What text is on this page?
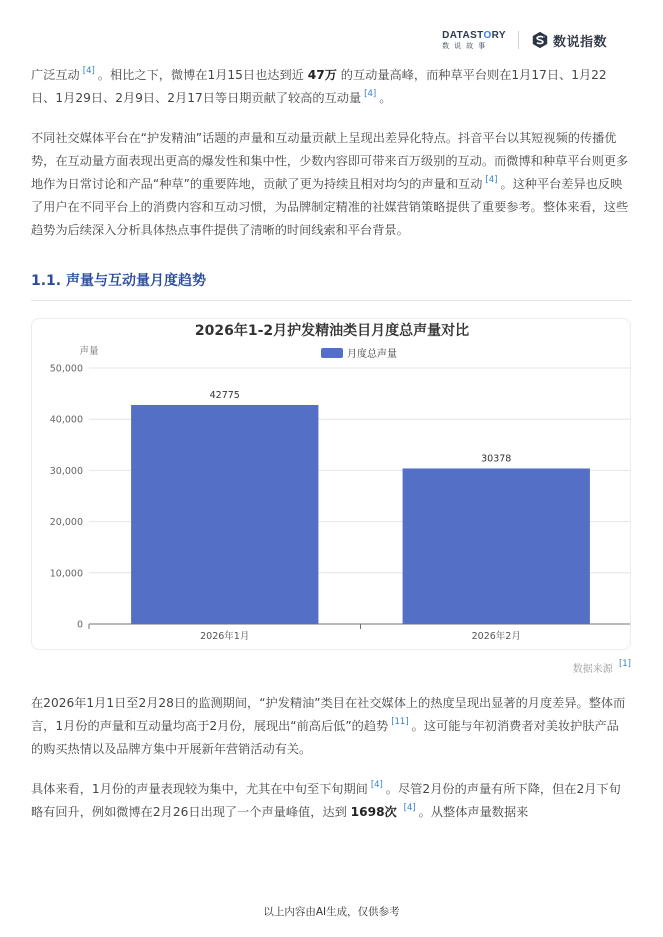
DATASTORY
数说故事	数说指数

广泛互动 [4] 。相比之下，微博在1月15日也达到近 47万 的互动量高峰，而种草平台则在1月17日、1月22日、1月29日、2月9日、2月17日等日期贡献了较高的互动量 [4] 。

不同社交媒体平台在“护发精油”话题的声量和互动量贡献上呈现出差异化特点。抖音平台以其短视频的传播优势，在互动量方面表现出更高的爆发性和集中性，少数内容即可带来百万级别的互动。而微博和种草平台则更多地作为日常讨论和产品“种草”的重要阵地，贡献了更为持续且相对均匀的声量和互动 [4] 。这种平台差异也反映了用户在不同平台上的消费内容和互动习惯，为品牌制定精准的社媒营销策略提供了重要参考。整体来看，这些趋势为后续深入分析具体热点事件提供了清晰的时间线索和平台背景。

1.1. 声量与互动量月度趋势
2026年1-2月护发精油类目月度总声量对比
月度总声量
声量
0
10,000
20,000
30,000
40,000
50,000
42775
30378
2026年1月	2026年2月
数据来源 [1]

在2026年1月1日至2月28日的监测期间，“护发精油”类目在社交媒体上的热度呈现出显著的月度差异。整体而言，1月份的声量和互动量均高于2月份，展现出“前高后低”的趋势 [11] 。这可能与年初消费者对美妆护肤产品的购买热情以及品牌方集中开展新年营销活动有关。

具体来看，1月份的声量表现较为集中，尤其在中旬至下旬期间 [4] 。尽管2月份的声量有所下降，但在2月下旬略有回升，例如微博在2月26日出现了一个声量峰值，达到 1698次 [4] 。从整体声量数据来

以上内容由AI生成，仅供参考
